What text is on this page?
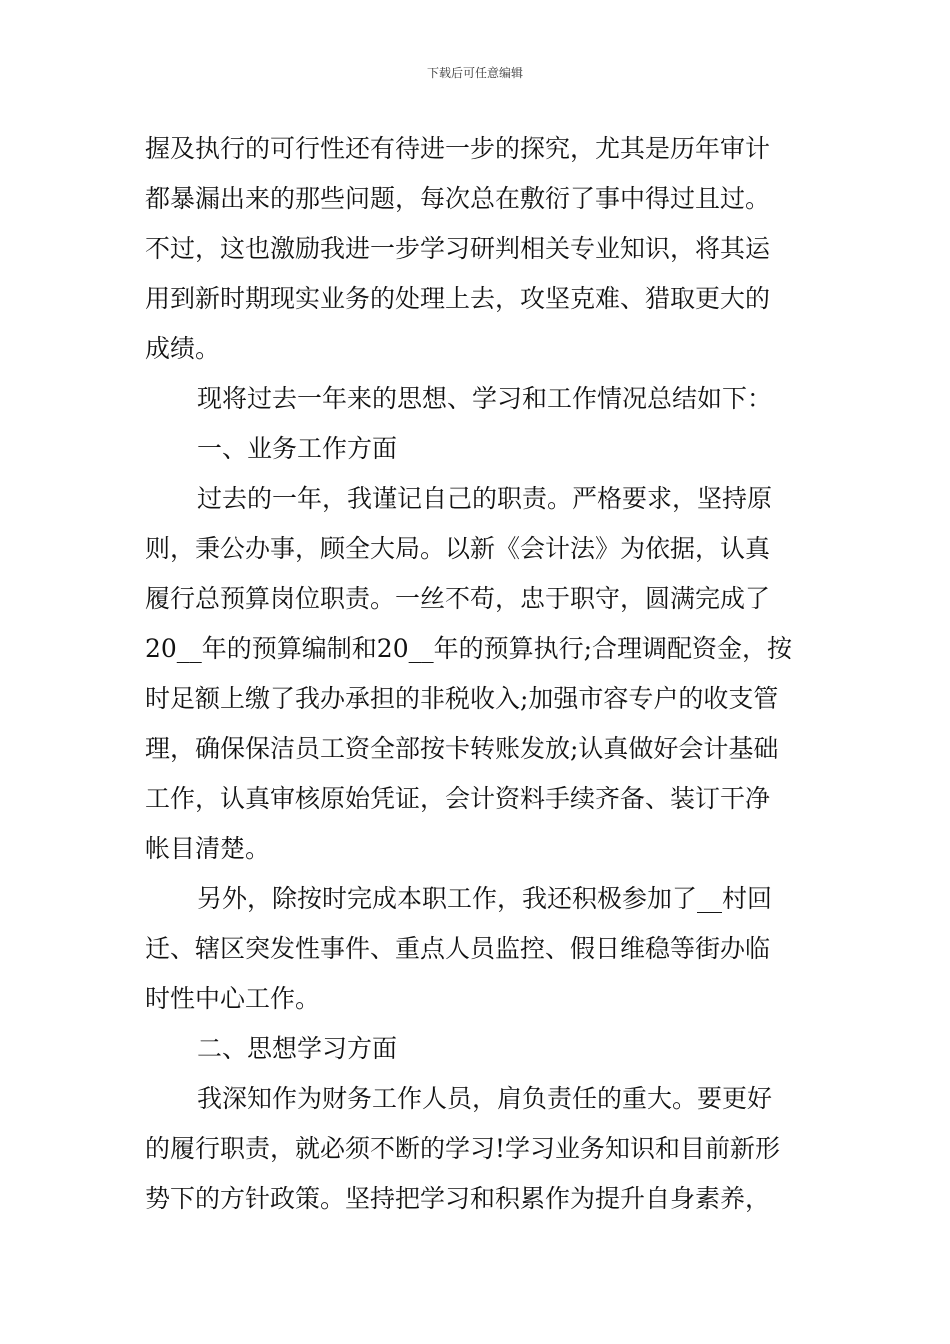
下载后可任意编辑
握及执行的可行性还有待进一步的探究，尤其是历年审计
都暴漏出来的那些问题，每次总在敷衍了事中得过且过。
不过，这也激励我进一步学习研判相关专业知识，将其运
用到新时期现实业务的处理上去，攻坚克难、猎取更大的
成绩。
现将过去一年来的思想、学习和工作情况总结如下：
一、业务工作方面
过去的一年，我谨记自己的职责。严格要求，坚持原
则，秉公办事，顾全大局。以新《会计法》为依据，认真
履行总预算岗位职责。一丝不苟，忠于职守，圆满完成了
20__年的预算编制和20__年的预算执行;合理调配资金，按
时足额上缴了我办承担的非税收入;加强市容专户的收支管
理，确保保洁员工资全部按卡转账发放;认真做好会计基础
工作，认真审核原始凭证，会计资料手续齐备、装订干净
帐目清楚。
另外，除按时完成本职工作，我还积极参加了__村回
迁、辖区突发性事件、重点人员监控、假日维稳等街办临
时性中心工作。
二、思想学习方面
我深知作为财务工作人员，肩负责任的重大。要更好
的履行职责，就必须不断的学习!学习业务知识和目前新形
势下的方针政策。坚持把学习和积累作为提升自身素养，
